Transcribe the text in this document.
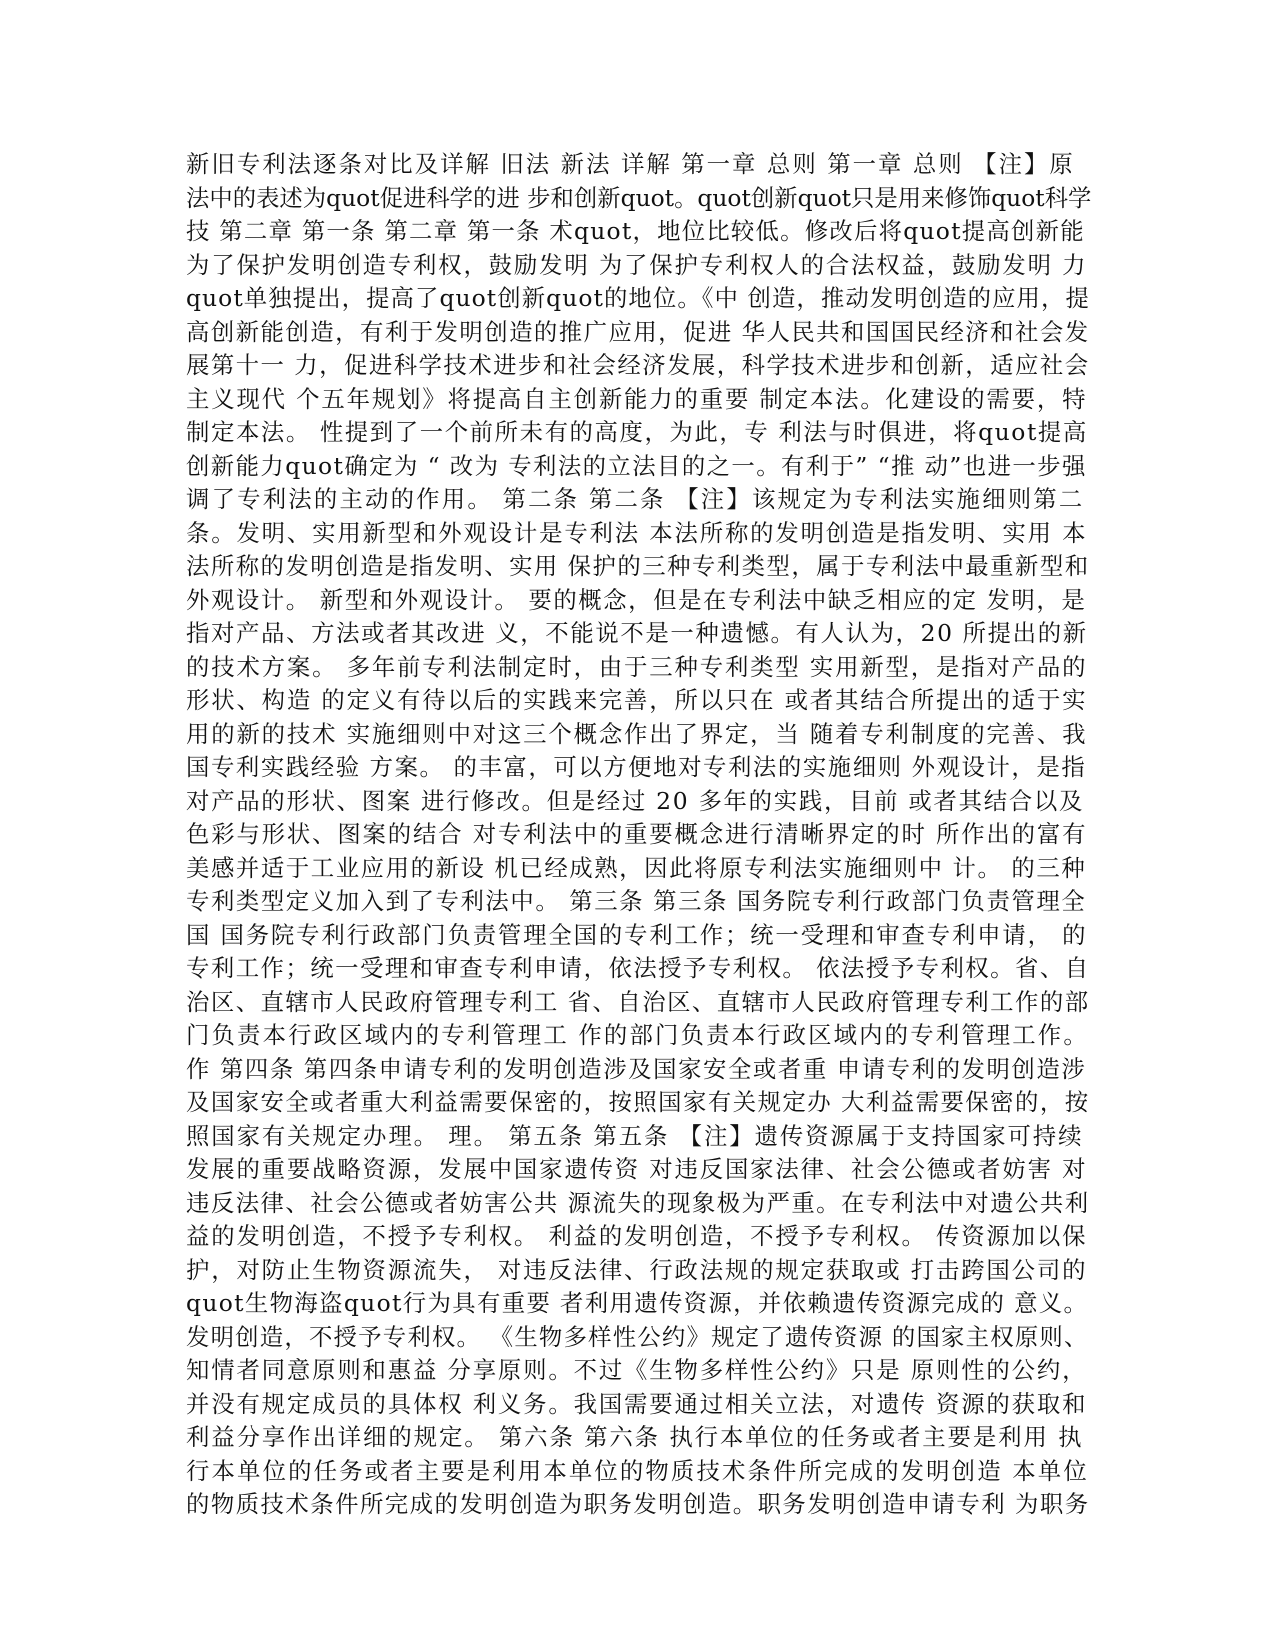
新旧专利法逐条对比及详解 旧法 新法 详解 第一章 总则 第一章 总则 【注】原
法中的表述为quot促进科学的进 步和创新quot。quot创新quot只是用来修饰quot科学
技 第二章 第一条 第二章 第一条 术quot，地位比较低。修改后将quot提高创新能
为了保护发明创造专利权，鼓励发明 为了保护专利权人的合法权益，鼓励发明 力
quot单独提出，提高了quot创新quot的地位。《中 创造，推动发明创造的应用，提
高创新能创造，有利于发明创造的推广应用，促进 华人民共和国国民经济和社会发
展第十一 力，促进科学技术进步和社会经济发展，科学技术进步和创新，适应社会
主义现代 个五年规划》将提高自主创新能力的重要 制定本法。化建设的需要，特
制定本法。 性提到了一个前所未有的高度，为此，专 利法与时俱进，将quot提高
创新能力quot确定为 “ 改为 专利法的立法目的之一。有利于” “推 动”也进一步强
调了专利法的主动的作用。 第二条 第二条 【注】该规定为专利法实施细则第二
条。发明、实用新型和外观设计是专利法 本法所称的发明创造是指发明、实用 本
法所称的发明创造是指发明、实用 保护的三种专利类型，属于专利法中最重新型和
外观设计。 新型和外观设计。 要的概念，但是在专利法中缺乏相应的定 发明，是
指对产品、方法或者其改进 义，不能说不是一种遗憾。有人认为，20 所提出的新
的技术方案。 多年前专利法制定时，由于三种专利类型 实用新型，是指对产品的
形状、构造 的定义有待以后的实践来完善，所以只在 或者其结合所提出的适于实
用的新的技术 实施细则中对这三个概念作出了界定，当 随着专利制度的完善、我
国专利实践经验 方案。 的丰富，可以方便地对专利法的实施细则 外观设计，是指
对产品的形状、图案 进行修改。但是经过 20 多年的实践，目前 或者其结合以及
色彩与形状、图案的结合 对专利法中的重要概念进行清晰界定的时 所作出的富有
美感并适于工业应用的新设 机已经成熟，因此将原专利法实施细则中 计。 的三种
专利类型定义加入到了专利法中。 第三条 第三条 国务院专利行政部门负责管理全
国 国务院专利行政部门负责管理全国的专利工作；统一受理和审查专利申请， 的
专利工作；统一受理和审查专利申请，依法授予专利权。 依法授予专利权。省、自
治区、直辖市人民政府管理专利工 省、自治区、直辖市人民政府管理专利工作的部
门负责本行政区域内的专利管理工 作的部门负责本行政区域内的专利管理工作。
作 第四条 第四条申请专利的发明创造涉及国家安全或者重 申请专利的发明创造涉
及国家安全或者重大利益需要保密的，按照国家有关规定办 大利益需要保密的，按
照国家有关规定办理。 理。 第五条 第五条 【注】遗传资源属于支持国家可持续
发展的重要战略资源，发展中国家遗传资 对违反国家法律、社会公德或者妨害 对
违反法律、社会公德或者妨害公共 源流失的现象极为严重。在专利法中对遗公共利
益的发明创造，不授予专利权。 利益的发明创造，不授予专利权。 传资源加以保
护，对防止生物资源流失， 对违反法律、行政法规的规定获取或 打击跨国公司的
quot生物海盗quot行为具有重要 者利用遗传资源，并依赖遗传资源完成的 意义。
发明创造，不授予专利权。 《生物多样性公约》规定了遗传资源 的国家主权原则、
知情者同意原则和惠益 分享原则。不过《生物多样性公约》只是 原则性的公约，
并没有规定成员的具体权 利义务。我国需要通过相关立法，对遗传 资源的获取和
利益分享作出详细的规定。 第六条 第六条 执行本单位的任务或者主要是利用 执
行本单位的任务或者主要是利用本单位的物质技术条件所完成的发明创造 本单位
的物质技术条件所完成的发明创造为职务发明创造。职务发明创造申请专利 为职务
